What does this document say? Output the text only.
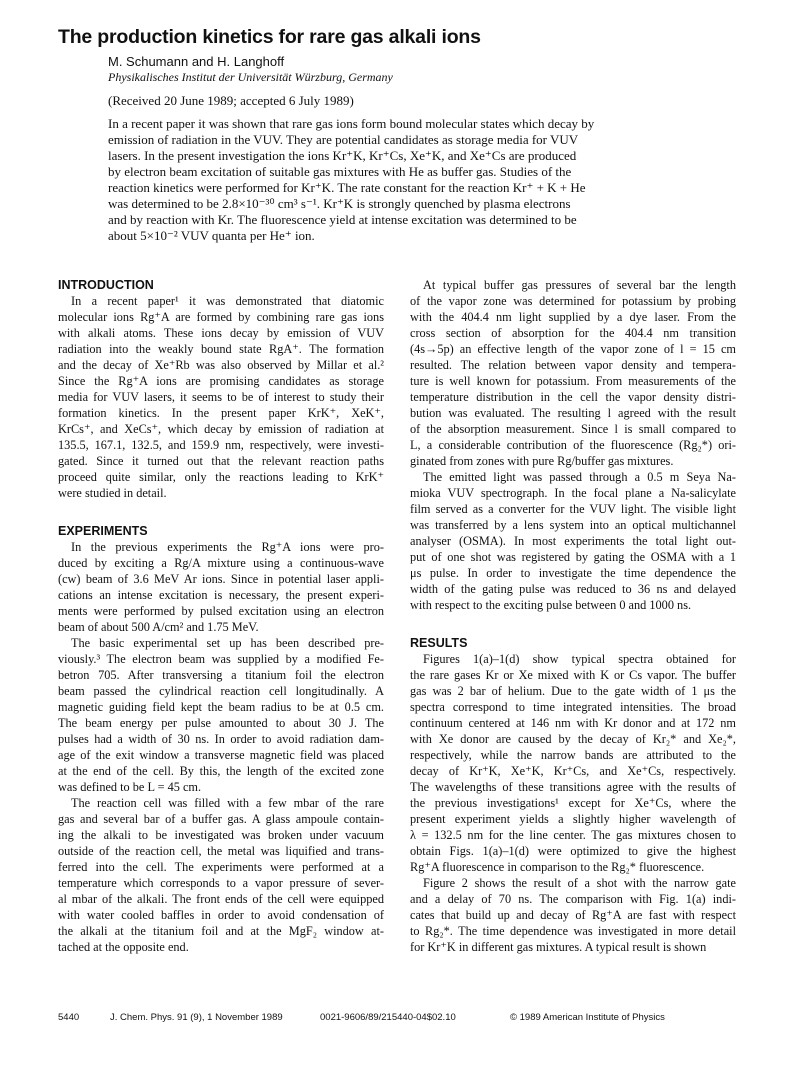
The production kinetics for rare gas alkali ions
M. Schumann and H. Langhoff
Physikalisches Institut der Universität Würzburg, Germany
(Received 20 June 1989; accepted 6 July 1989)
In a recent paper it was shown that rare gas ions form bound molecular states which decay by
emission of radiation in the VUV. They are potential candidates as storage media for VUV
lasers. In the present investigation the ions Kr⁺K, Kr⁺Cs, Xe⁺K, and Xe⁺Cs are produced
by electron beam excitation of suitable gas mixtures with He as buffer gas. Studies of the
reaction kinetics were performed for Kr⁺K. The rate constant for the reaction Kr⁺ + K + He
was determined to be 2.8×10⁻³⁰ cm³ s⁻¹. Kr⁺K is strongly quenched by plasma electrons
and by reaction with Kr. The fluorescence yield at intense excitation was determined to be
about 5×10⁻² VUV quanta per He⁺ ion.
INTRODUCTION
In a recent paper¹ it was demonstrated that diatomic
molecular ions Rg⁺A are formed by combining rare gas ions
with alkali atoms. These ions decay by emission of VUV
radiation into the weakly bound state RgA⁺. The formation
and the decay of Xe⁺Rb was also observed by Millar et al.²
Since the Rg⁺A ions are promising candidates as storage
media for VUV lasers, it seems to be of interest to study their
formation kinetics. In the present paper KrK⁺, XeK⁺,
KrCs⁺, and XeCs⁺, which decay by emission of radiation at
135.5, 167.1, 132.5, and 159.9 nm, respectively, were investi-
gated. Since it turned out that the relevant reaction paths
proceed quite similar, only the reactions leading to KrK⁺
were studied in detail.
EXPERIMENTS
In the previous experiments the Rg⁺A ions were pro-
duced by exciting a Rg/A mixture using a continuous-wave
(cw) beam of 3.6 MeV Ar ions. Since in potential laser appli-
cations an intense excitation is necessary, the present experi-
ments were performed by pulsed excitation using an electron
beam of about 500 A/cm² and 1.75 MeV.
The basic experimental set up has been described pre-
viously.³ The electron beam was supplied by a modified Fe-
betron 705. After transversing a titanium foil the electron
beam passed the cylindrical reaction cell longitudinally. A
magnetic guiding field kept the beam radius to be at 0.5 cm.
The beam energy per pulse amounted to about 30 J. The
pulses had a width of 30 ns. In order to avoid radiation dam-
age of the exit window a transverse magnetic field was placed
at the end of the cell. By this, the length of the excited zone
was defined to be L = 45 cm.
The reaction cell was filled with a few mbar of the rare
gas and several bar of a buffer gas. A glass ampoule contain-
ing the alkali to be investigated was broken under vacuum
outside of the reaction cell, the metal was liquified and trans-
ferred into the cell. The experiments were performed at a
temperature which corresponds to a vapor pressure of sever-
al mbar of the alkali. The front ends of the cell were equipped
with water cooled baffles in order to avoid condensation of
the alkali at the titanium foil and at the MgF₂ window at-
tached at the opposite end.
At typical buffer gas pressures of several bar the length
of the vapor zone was determined for potassium by probing
with the 404.4 nm light supplied by a dye laser. From the
cross section of absorption for the 404.4 nm transition
(4s→5p) an effective length of the vapor zone of l = 15 cm
resulted. The relation between vapor density and tempera-
ture is well known for potassium. From measurements of the
temperature distribution in the cell the vapor density distri-
bution was evaluated. The resulting l agreed with the result
of the absorption measurement. Since l is small compared to
L, a considerable contribution of the fluorescence (Rg₂*) ori-
ginated from zones with pure Rg/buffer gas mixtures.
The emitted light was passed through a 0.5 m Seya Na-
mioka VUV spectrograph. In the focal plane a Na-salicylate
film served as a converter for the VUV light. The visible light
was transferred by a lens system into an optical multichannel
analyser (OSMA). In most experiments the total light out-
put of one shot was registered by gating the OSMA with a 1
μs pulse. In order to investigate the time dependence the
width of the gating pulse was reduced to 36 ns and delayed
with respect to the exciting pulse between 0 and 1000 ns.
RESULTS
Figures 1(a)–1(d) show typical spectra obtained for
the rare gases Kr or Xe mixed with K or Cs vapor. The buffer
gas was 2 bar of helium. Due to the gate width of 1 μs the
spectra correspond to time integrated intensities. The broad
continuum centered at 146 nm with Kr donor and at 172 nm
with Xe donor are caused by the decay of Kr₂* and Xe₂*,
respectively, while the narrow bands are attributed to the
decay of Kr⁺K, Xe⁺K, Kr⁺Cs, and Xe⁺Cs, respectively.
The wavelengths of these transitions agree with the results of
the previous investigations¹ except for Xe⁺Cs, where the
present experiment yields a slightly higher wavelength of
λ = 132.5 nm for the line center. The gas mixtures chosen to
obtain Figs. 1(a)–1(d) were optimized to give the highest
Rg⁺A fluorescence in comparison to the Rg₂* fluorescence.
Figure 2 shows the result of a shot with the narrow gate
and a delay of 70 ns. The comparison with Fig. 1(a) indi-
cates that build up and decay of Rg⁺A are fast with respect
to Rg₂*. The time dependence was investigated in more detail
for Kr⁺K in different gas mixtures. A typical result is shown
5440	J. Chem. Phys. 91 (9), 1 November 1989	0021-9606/89/215440-04$02.10	© 1989 American Institute of Physics
